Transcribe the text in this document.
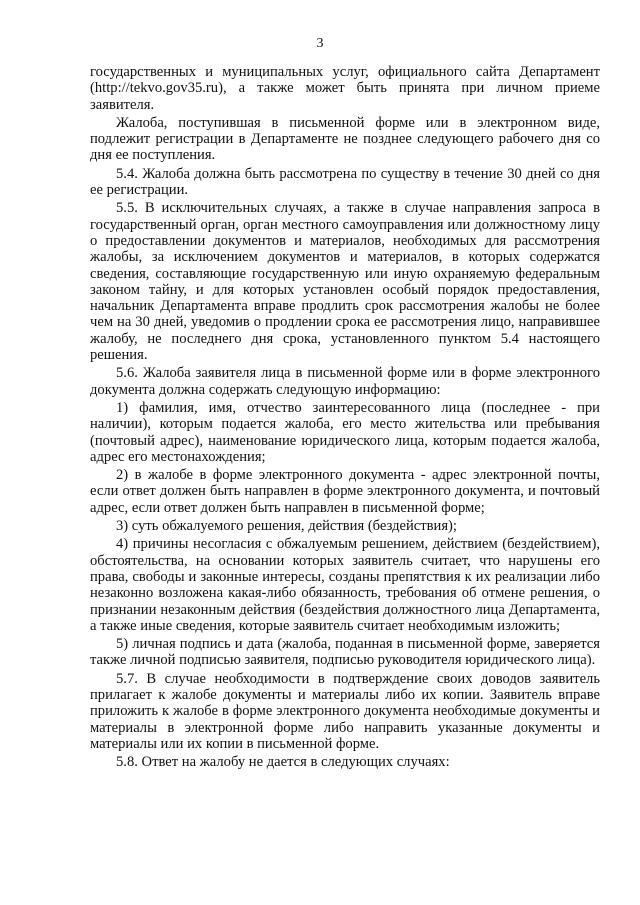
3

государственных и муниципальных услуг, официального сайта Департамент (http://tekvo.gov35.ru), а также может быть принята при личном приеме заявителя.

Жалоба, поступившая в письменной форме или в электронном виде, подлежит регистрации в Департаменте не позднее следующего рабочего дня со дня ее поступления.

5.4. Жалоба должна быть рассмотрена по существу в течение 30 дней со дня ее регистрации.

5.5. В исключительных случаях, а также в случае направления запроса в государственный орган, орган местного самоуправления или должностному лицу о предоставлении документов и материалов, необходимых для рассмотрения жалобы, за исключением документов и материалов, в которых содержатся сведения, составляющие государственную или иную охраняемую федеральным законом тайну, и для которых установлен особый порядок предоставления, начальник Департамента вправе продлить срок рассмотрения жалобы не более чем на 30 дней, уведомив о продлении срока ее рассмотрения лицо, направившее жалобу, не последнего дня срока, установленного пунктом 5.4 настоящего решения.

5.6. Жалоба заявителя лица в письменной форме или в форме электронного документа должна содержать следующую информацию:

1) фамилия, имя, отчество заинтересованного лица (последнее - при наличии), которым подается жалоба, его место жительства или пребывания (почтовый адрес), наименование юридического лица, которым подается жалоба, адрес его местонахождения;

2) в жалобе в форме электронного документа - адрес электронной почты, если ответ должен быть направлен в форме электронного документа, и почтовый адрес, если ответ должен быть направлен в письменной форме;

3) суть обжалуемого решения, действия (бездействия);

4) причины несогласия с обжалуемым решением, действием (бездействием), обстоятельства, на основании которых заявитель считает, что нарушены его права, свободы и законные интересы, созданы препятствия к их реализации либо незаконно возложена какая-либо обязанность, требования об отмене решения, о признании незаконным действия (бездействия должностного лица Департамента, а также иные сведения, которые заявитель считает необходимым изложить;

5) личная подпись и дата (жалоба, поданная в письменной форме, заверяется также личной подписью заявителя, подписью руководителя юридического лица).

5.7. В случае необходимости в подтверждение своих доводов заявитель прилагает к жалобе документы и материалы либо их копии. Заявитель вправе приложить к жалобе в форме электронного документа необходимые документы и материалы в электронной форме либо направить указанные документы и материалы или их копии в письменной форме.

5.8. Ответ на жалобу не дается в следующих случаях:
